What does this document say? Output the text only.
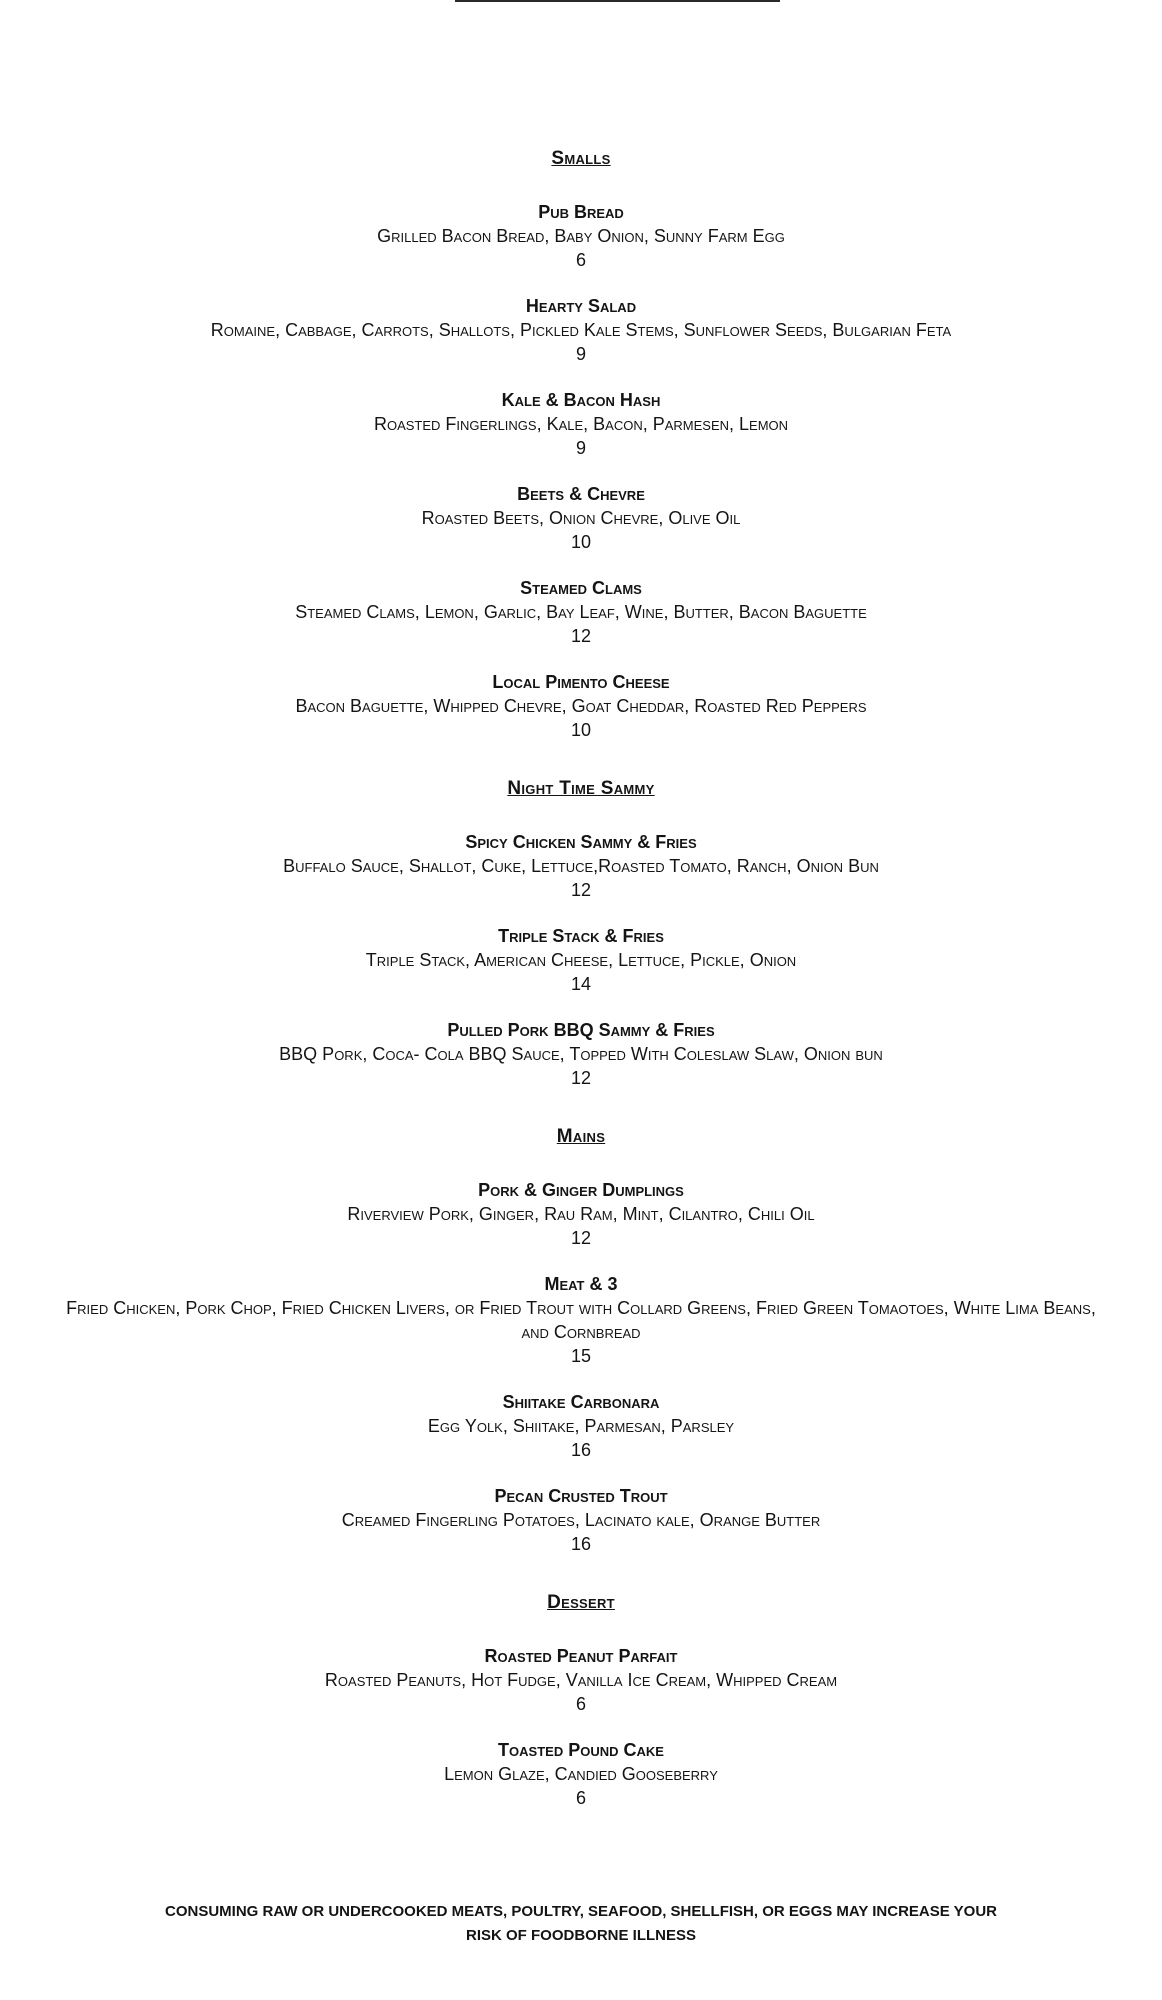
Smalls
Pub Bread
Grilled Bacon Bread, Baby Onion, Sunny Farm Egg
6
Hearty Salad
Romaine, Cabbage, Carrots, Shallots, Pickled Kale Stems, Sunflower Seeds, Bulgarian Feta
9
Kale & Bacon Hash
Roasted Fingerlings, Kale, Bacon, Parmesen, Lemon
9
Beets & Chevre
Roasted Beets, Onion Chevre, Olive Oil
10
Steamed Clams
Steamed Clams, Lemon, Garlic, Bay Leaf, Wine, Butter, Bacon Baguette
12
Local Pimento Cheese
Bacon Baguette, Whipped Chevre, Goat Cheddar, Roasted Red Peppers
10
Night Time Sammy
Spicy Chicken Sammy & Fries
Buffalo Sauce, Shallot, Cuke, Lettuce,Roasted Tomato, Ranch, Onion Bun
12
Triple Stack & Fries
Triple Stack, American Cheese, Lettuce, Pickle, Onion
14
Pulled Pork BBQ Sammy & Fries
BBQ Pork, Coca- Cola BBQ Sauce, Topped With Coleslaw Slaw, Onion bun
12
Mains
Pork & Ginger Dumplings
Riverview Pork, Ginger, Rau Ram, Mint, Cilantro, Chili Oil
12
Meat & 3
Fried Chicken, Pork Chop, Fried Chicken Livers, or Fried Trout with Collard Greens, Fried Green Tomaotoes, White Lima Beans, and Cornbread
15
Shiitake Carbonara
Egg Yolk, Shiitake, Parmesan, Parsley
16
Pecan Crusted Trout
Creamed Fingerling Potatoes, Lacinato kale, Orange Butter
16
Dessert
Roasted Peanut Parfait
Roasted Peanuts, Hot Fudge, Vanilla Ice Cream, Whipped Cream
6
Toasted Pound Cake
Lemon Glaze, Candied Gooseberry
6
CONSUMING RAW OR UNDERCOOKED MEATS, POULTRY, SEAFOOD, SHELLFISH, OR EGGS MAY INCREASE YOUR
RISK OF FOODBORNE ILLNESS
